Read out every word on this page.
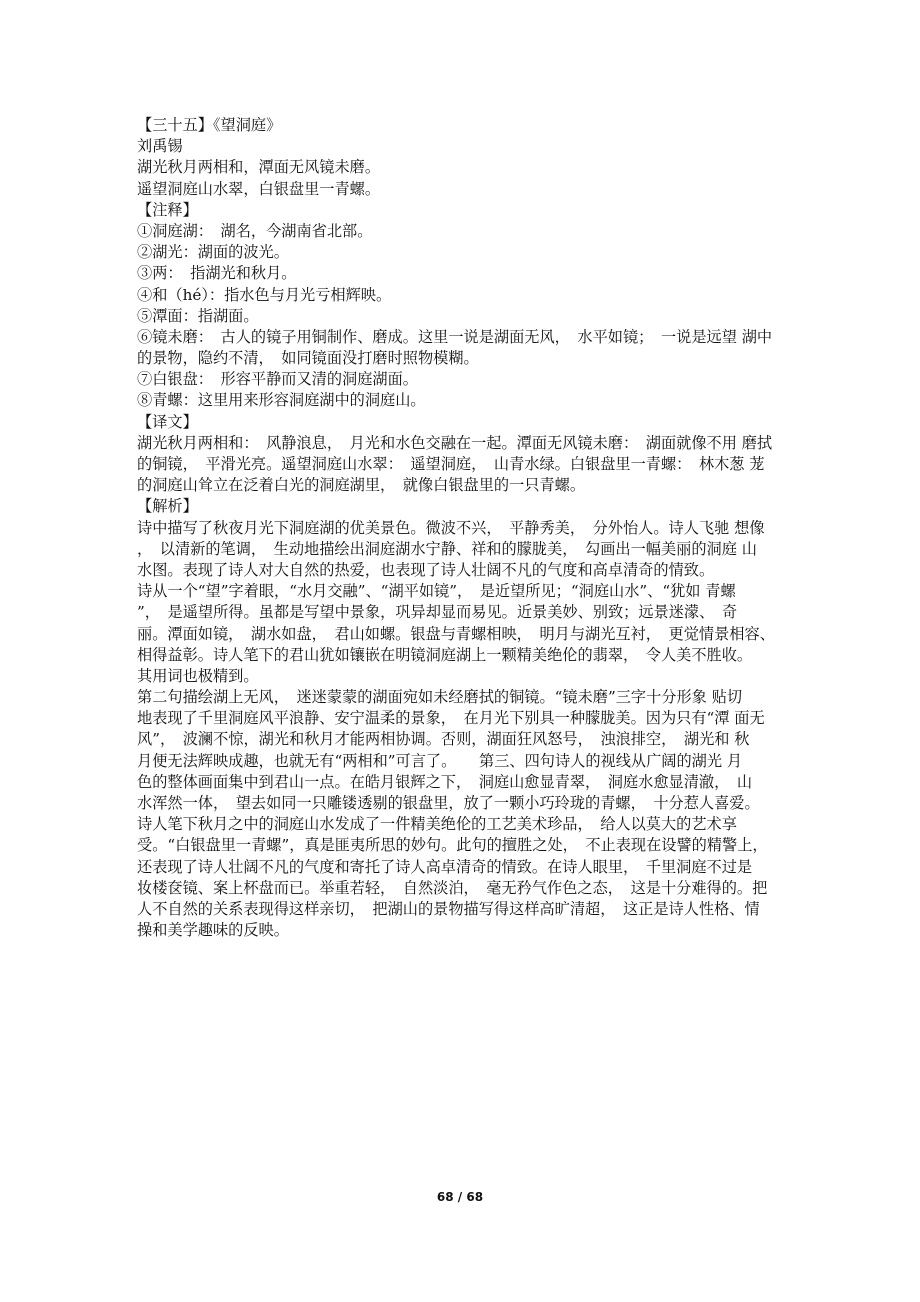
【三十五】《望洞庭》
刘禹锡
湖光秋月两相和，潭面无风镜未磨。
遥望洞庭山水翠，白银盘里一青螺。
【注释】
①洞庭湖：　湖名，今湖南省北部。
②湖光：湖面的波光。
③两：　指湖光和秋月。
④和（hé）：指水色与月光亏相辉映。
⑤潭面：指湖面。
⑥镜未磨：　古人的镜子用铜制作、磨成。这里一说是湖面无风，　水平如镜；　一说是远望 湖中
的景物，隐约不清，　如同镜面没打磨时照物模糊。
⑦白银盘：　形容平静而又清的洞庭湖面。
⑧青螺：这里用来形容洞庭湖中的洞庭山。
【译文】
湖光秋月两相和：　风静浪息，　月光和水色交融在一起。潭面无风镜未磨：　湖面就像不用 磨拭
的铜镜，　平滑光亮。遥望洞庭山水翠：　遥望洞庭，　山青水绿。白银盘里一青螺：　林木葱 茏
的洞庭山耸立在泛着白光的洞庭湖里，　就像白银盘里的一只青螺。
【解析】
诗中描写了秋夜月光下洞庭湖的优美景色。微波不兴，　平静秀美，　分外怡人。诗人飞驰 想像
，　以清新的笔调，　生动地描绘出洞庭湖水宁静、祥和的朦胧美，　勾画出一幅美丽的洞庭 山
水图。表现了诗人对大自然的热爱，也表现了诗人壮阔不凡的气度和高卓清奇的情致。
诗从一个“望”字着眼，“水月交融”、“湖平如镜”，　是近望所见；“洞庭山水”、“犹如 青螺
”，　是遥望所得。虽都是写望中景象，巩异却显而易见。近景美妙、别致；远景迷濛、　奇
丽。潭面如镜，　湖水如盘，　君山如螺。银盘与青螺相映，　明月与湖光互衬，　更觉情景相容、
相得益彰。诗人笔下的君山犹如镶嵌在明镜洞庭湖上一颗精美绝伦的翡翠，　令人美不胜收。
其用词也极精到。
第二句描绘湖上无风，　迷迷蒙蒙的湖面宛如未经磨拭的铜镜。“镜未磨”三字十分形象 贴切
地表现了千里洞庭风平浪静、安宁温柔的景象，　在月光下别具一种朦胧美。因为只有“潭 面无
风”，　波澜不惊，湖光和秋月才能两相协调。否则，湖面狂风怒号，　浊浪排空，　湖光和 秋
月便无法辉映成趣，也就无有“两相和”可言了。　　第三、四句诗人的视线从广阔的湖光 月
色的整体画面集中到君山一点。在皓月银辉之下，　洞庭山愈显青翠，　洞庭水愈显清澈，　山
水浑然一体，　望去如同一只雕镂透剔的银盘里，放了一颗小巧玲珑的青螺，　十分惹人喜爱。
诗人笔下秋月之中的洞庭山水发成了一件精美绝伦的工艺美术珍品，　给人以莫大的艺术享
受。“白银盘里一青螺”，真是匪夷所思的妙句。此句的擅胜之处，　不止表现在设譬的精警上，
还表现了诗人壮阔不凡的气度和寄托了诗人高卓清奇的情致。在诗人眼里，　千里洞庭不过是
妆楼奁镜、案上杯盘而已。举重若轻，　自然淡泊，　毫无矜气作色之态，　这是十分难得的。把
人不自然的关系表现得这样亲切，　把湖山的景物描写得这样高旷清超，　这正是诗人性格、情
操和美学趣味的反映。
68 / 68
